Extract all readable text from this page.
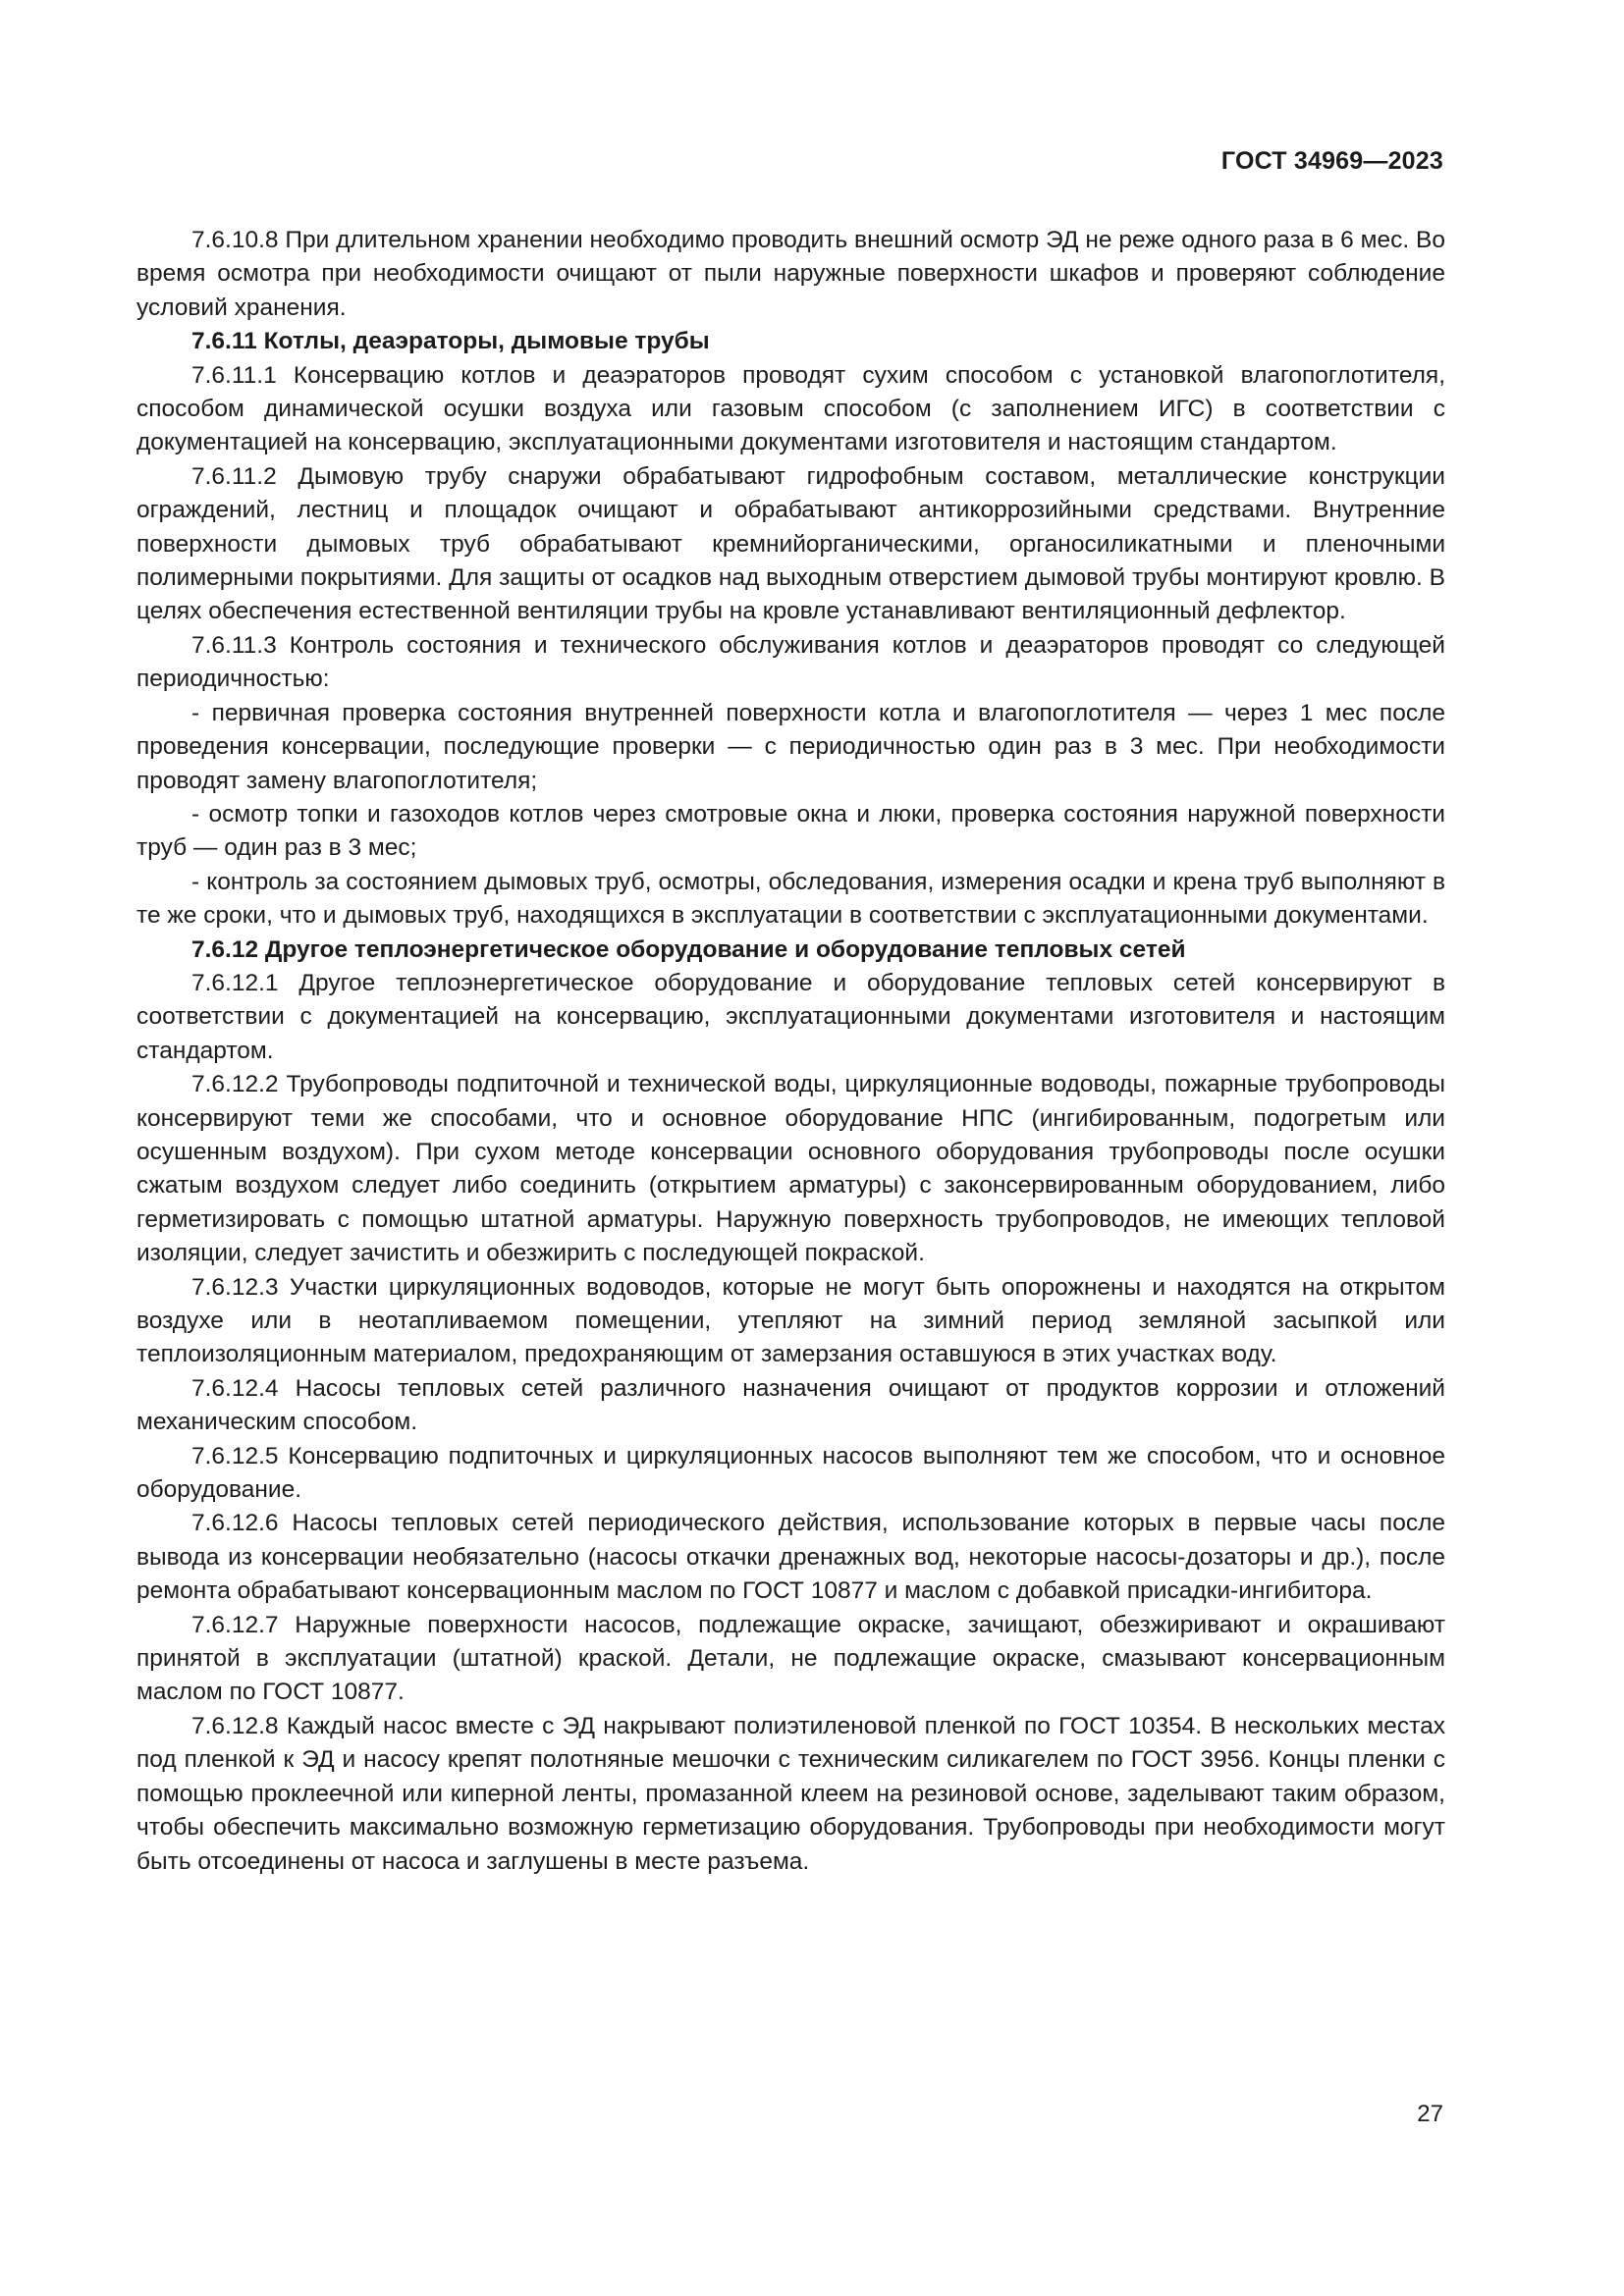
ГОСТ 34969—2023

7.6.10.8 При длительном хранении необходимо проводить внешний осмотр ЭД не реже одного раза в 6 мес. Во время осмотра при необходимости очищают от пыли наружные поверхности шкафов и проверяют соблюдение условий хранения.

7.6.11 Котлы, деаэраторы, дымовые трубы

7.6.11.1 Консервацию котлов и деаэраторов проводят сухим способом с установкой влагопоглотителя, способом динамической осушки воздуха или газовым способом (с заполнением ИГС) в соответствии с документацией на консервацию, эксплуатационными документами изготовителя и настоящим стандартом.

7.6.11.2 Дымовую трубу снаружи обрабатывают гидрофобным составом, металлические конструкции ограждений, лестниц и площадок очищают и обрабатывают антикоррозийными средствами. Внутренние поверхности дымовых труб обрабатывают кремнийорганическими, органосиликатными и пленочными полимерными покрытиями. Для защиты от осадков над выходным отверстием дымовой трубы монтируют кровлю. В целях обеспечения естественной вентиляции трубы на кровле устанавливают вентиляционный дефлектор.

7.6.11.3 Контроль состояния и технического обслуживания котлов и деаэраторов проводят со следующей периодичностью:

- первичная проверка состояния внутренней поверхности котла и влагопоглотителя — через 1 мес после проведения консервации, последующие проверки — с периодичностью один раз в 3 мес. При необходимости проводят замену влагопоглотителя;

- осмотр топки и газоходов котлов через смотровые окна и люки, проверка состояния наружной поверхности труб — один раз в 3 мес;

- контроль за состоянием дымовых труб, осмотры, обследования, измерения осадки и крена труб выполняют в те же сроки, что и дымовых труб, находящихся в эксплуатации в соответствии с эксплуатационными документами.

7.6.12 Другое теплоэнергетическое оборудование и оборудование тепловых сетей

7.6.12.1 Другое теплоэнергетическое оборудование и оборудование тепловых сетей консервируют в соответствии с документацией на консервацию, эксплуатационными документами изготовителя и настоящим стандартом.

7.6.12.2 Трубопроводы подпиточной и технической воды, циркуляционные водоводы, пожарные трубопроводы консервируют теми же способами, что и основное оборудование НПС (ингибированным, подогретым или осушенным воздухом). При сухом методе консервации основного оборудования трубопроводы после осушки сжатым воздухом следует либо соединить (открытием арматуры) с законсервированным оборудованием, либо герметизировать с помощью штатной арматуры. Наружную поверхность трубопроводов, не имеющих тепловой изоляции, следует зачистить и обезжирить с последующей покраской.

7.6.12.3 Участки циркуляционных водоводов, которые не могут быть опорожнены и находятся на открытом воздухе или в неотапливаемом помещении, утепляют на зимний период земляной засыпкой или теплоизоляционным материалом, предохраняющим от замерзания оставшуюся в этих участках воду.

7.6.12.4 Насосы тепловых сетей различного назначения очищают от продуктов коррозии и отложений механическим способом.

7.6.12.5 Консервацию подпиточных и циркуляционных насосов выполняют тем же способом, что и основное оборудование.

7.6.12.6 Насосы тепловых сетей периодического действия, использование которых в первые часы после вывода из консервации необязательно (насосы откачки дренажных вод, некоторые насосы-дозаторы и др.), после ремонта обрабатывают консервационным маслом по ГОСТ 10877 и маслом с добавкой присадки-ингибитора.

7.6.12.7 Наружные поверхности насосов, подлежащие окраске, зачищают, обезжиривают и окрашивают принятой в эксплуатации (штатной) краской. Детали, не подлежащие окраске, смазывают консервационным маслом по ГОСТ 10877.

7.6.12.8 Каждый насос вместе с ЭД накрывают полиэтиленовой пленкой по ГОСТ 10354. В нескольких местах под пленкой к ЭД и насосу крепят полотняные мешочки с техническим силикагелем по ГОСТ 3956. Концы пленки с помощью проклеечной или киперной ленты, промазанной клеем на резиновой основе, заделывают таким образом, чтобы обеспечить максимально возможную герметизацию оборудования. Трубопроводы при необходимости могут быть отсоединены от насоса и заглушены в месте разъема.

27
